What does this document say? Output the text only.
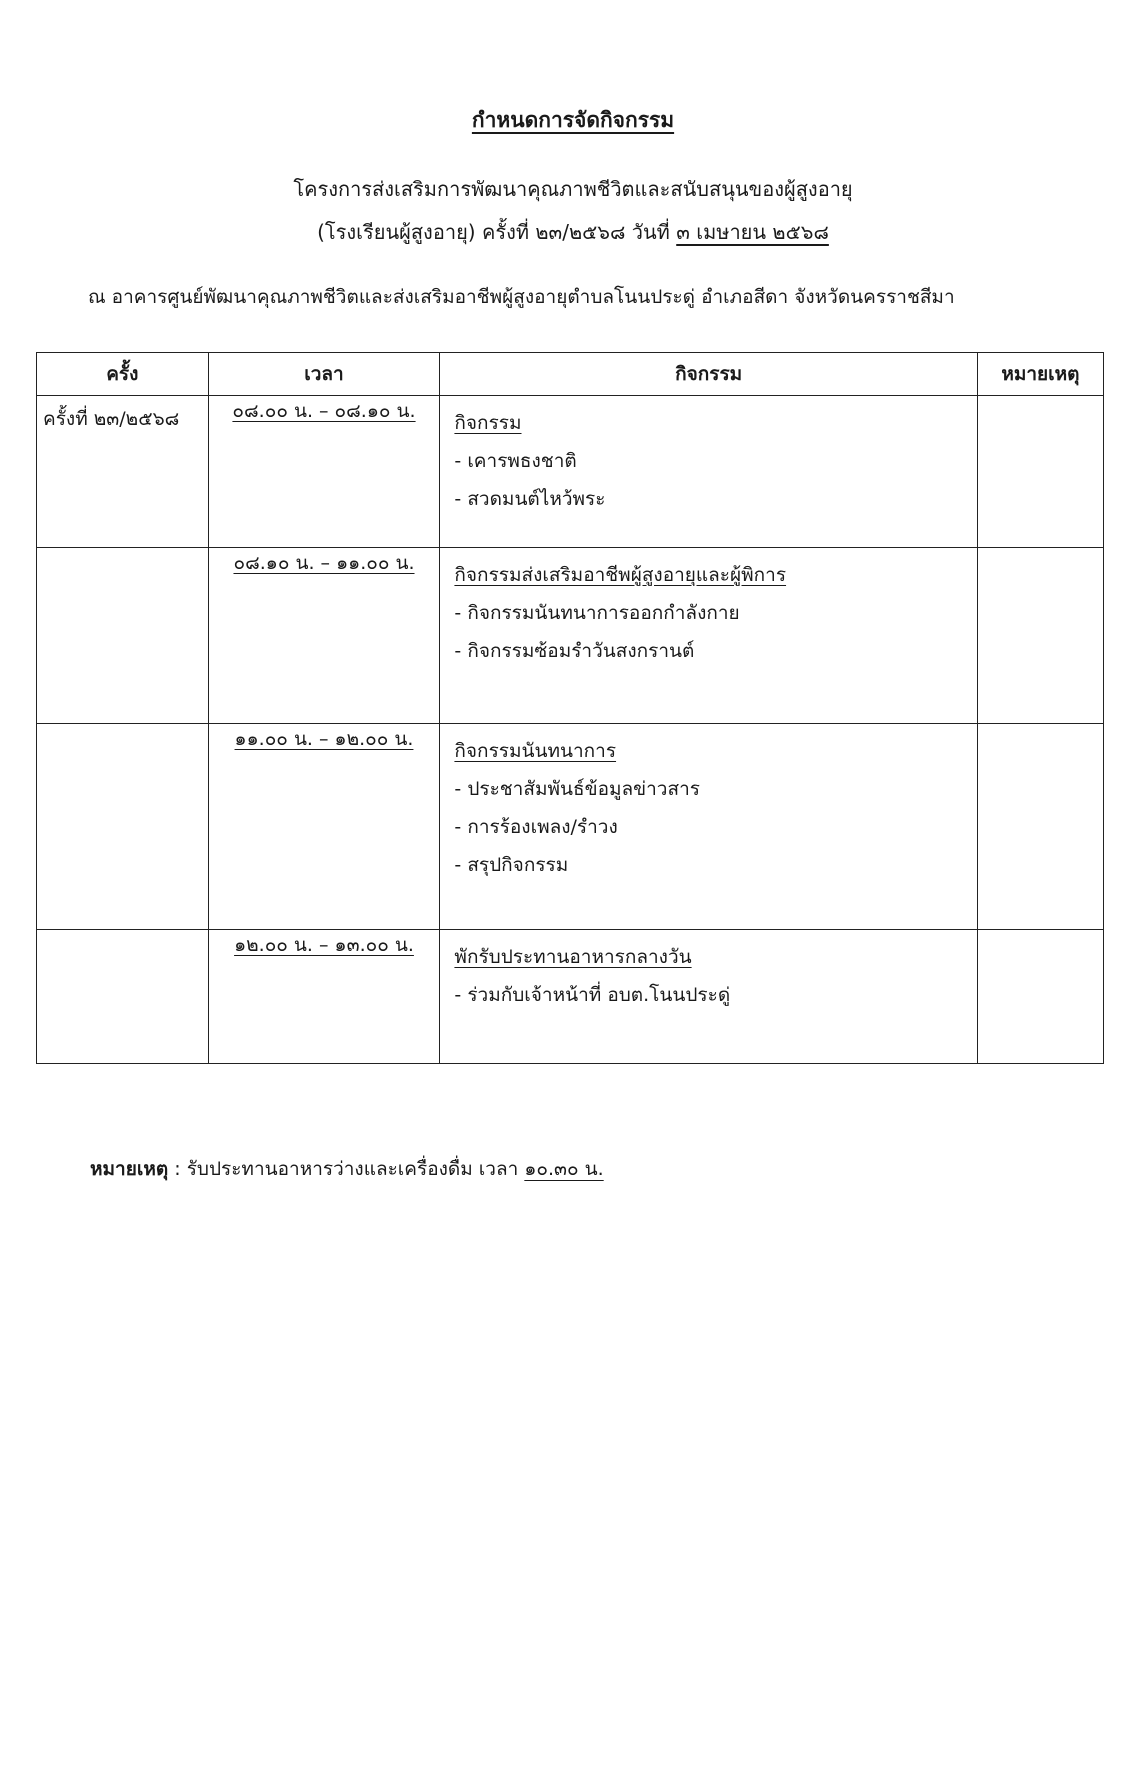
กำหนดการจัดกิจกรรม
โครงการส่งเสริมการพัฒนาคุณภาพชีวิตและสนับสนุนของผู้สูงอายุ
(โรงเรียนผู้สูงอายุ) ครั้งที่ ๒๓/๒๕๖๘ วันที่ ๓ เมษายน ๒๕๖๘
ณ อาคารศูนย์พัฒนาคุณภาพชีวิตและส่งเสริมอาชีพผู้สูงอายุตำบลโนนประดู่ อำเภอสีดา จังหวัดนครราชสีมา
ครั้ง	เวลา	กิจกรรม	หมายเหตุ
ครั้งที่ ๒๓/๒๕๖๘	๐๘.๐๐ น. – ๐๘.๑๐ น.	กิจกรรม
- เคารพธงชาติ
- สวดมนต์ไหว้พระ	

	๐๘.๑๐ น. – ๑๑.๐๐ น.	กิจกรรมส่งเสริมอาชีพผู้สูงอายุและผู้พิการ
- กิจกรรมนันทนาการออกกำลังกาย
- กิจกรรมซ้อมรำวันสงกรานต์	

	๑๑.๐๐ น. – ๑๒.๐๐ น.	กิจกรรมนันทนาการ
- ประชาสัมพันธ์ข้อมูลข่าวสาร
- การร้องเพลง/รำวง
- สรุปกิจกรรม	

	๑๒.๐๐ น. – ๑๓.๐๐ น.	พักรับประทานอาหารกลางวัน
- ร่วมกับเจ้าหน้าที่ อบต.โนนประดู่	

หมายเหตุ : รับประทานอาหารว่างและเครื่องดื่ม เวลา ๑๐.๓๐ น.
